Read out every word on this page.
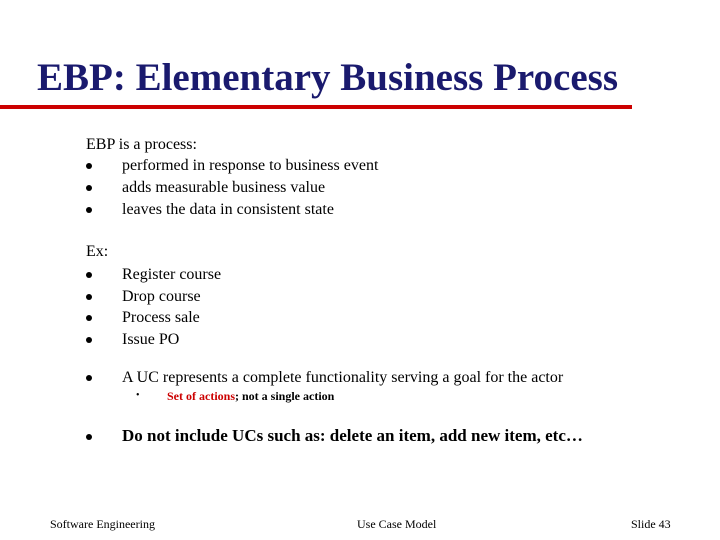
EBP: Elementary Business Process
EBP is a process:
performed in response to business event
adds measurable business value
leaves the data in consistent state
Ex:
Register course
Drop course
Process sale
Issue PO
A UC represents a complete functionality serving a goal for the actor
• Set of actions; not a single action
Do not include UCs such as: delete an item, add new item, etc…
Software Engineering	Use Case Model	Slide 43
